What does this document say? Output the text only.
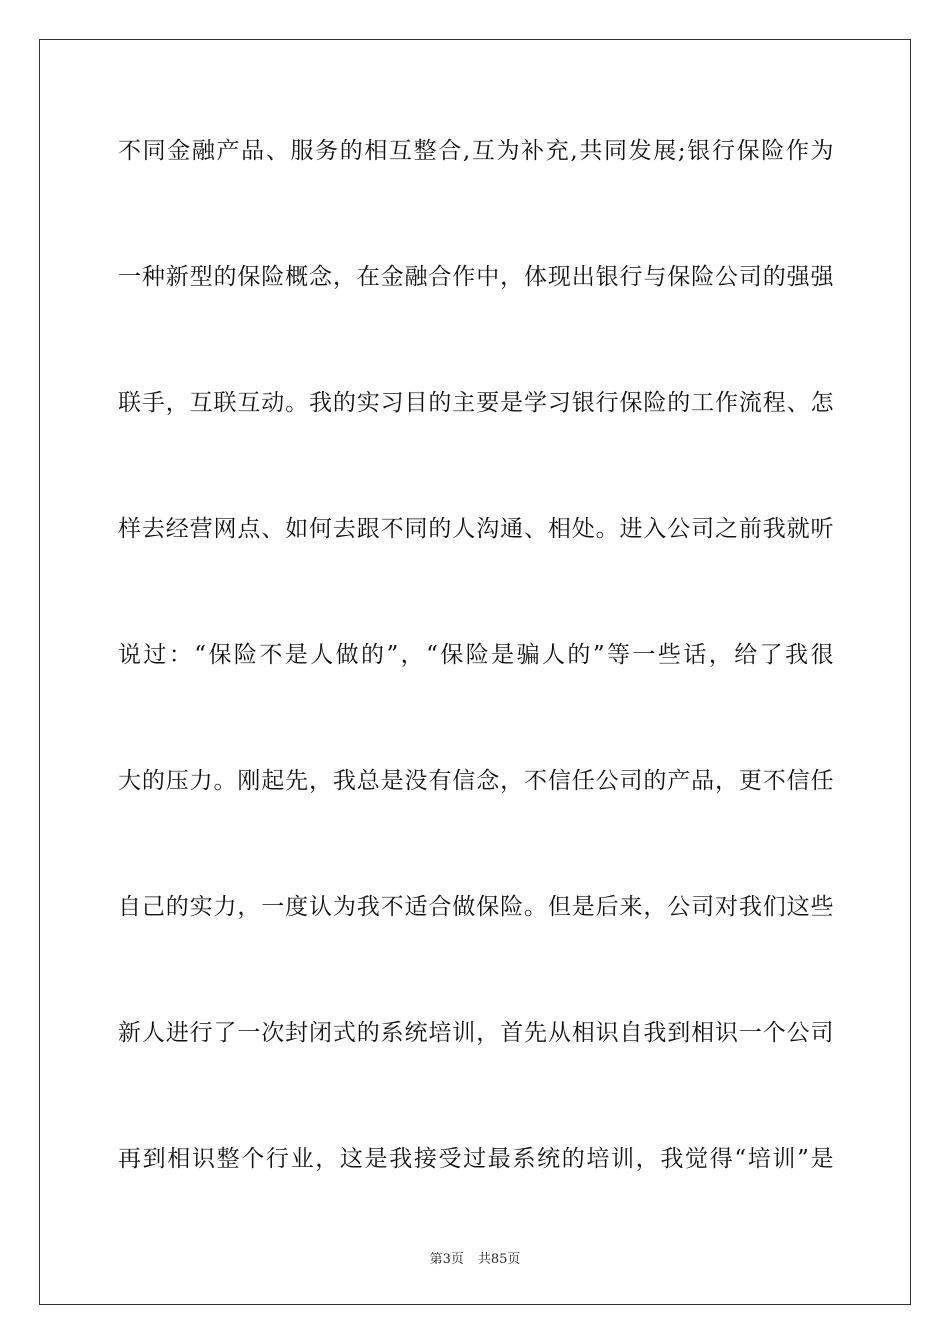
不同金融产品、服务的相互整合,互为补充,共同发展;银行保险作为
一种新型的保险概念，在金融合作中，体现出银行与保险公司的强强
联手，互联互动。我的实习目的主要是学习银行保险的工作流程、怎
样去经营网点、如何去跟不同的人沟通、相处。进入公司之前我就听
说过：“保险不是人做的”，“保险是骗人的”等一些话，给了我很
大的压力。刚起先，我总是没有信念，不信任公司的产品，更不信任
自己的实力，一度认为我不适合做保险。但是后来，公司对我们这些
新人进行了一次封闭式的系统培训，首先从相识自我到相识一个公司
再到相识整个行业，这是我接受过最系统的培训，我觉得“培训”是
第3页 共85页
